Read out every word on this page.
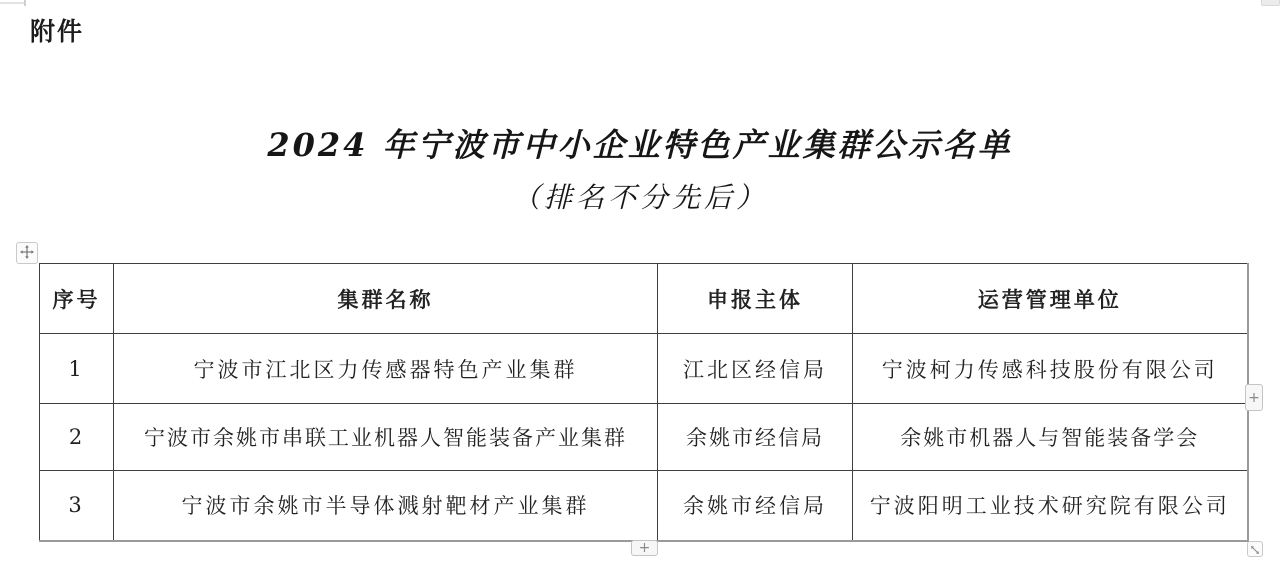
附件
2024 年宁波市中小企业特色产业集群公示名单
（排名不分先后）
序号	集群名称	申报主体	运营管理单位
1	宁波市江北区力传感器特色产业集群	江北区经信局	宁波柯力传感科技股份有限公司
2	宁波市余姚市串联工业机器人智能装备产业集群	余姚市经信局	余姚市机器人与智能装备学会
3	宁波市余姚市半导体溅射靶材产业集群	余姚市经信局	宁波阳明工业技术研究院有限公司
+
+
